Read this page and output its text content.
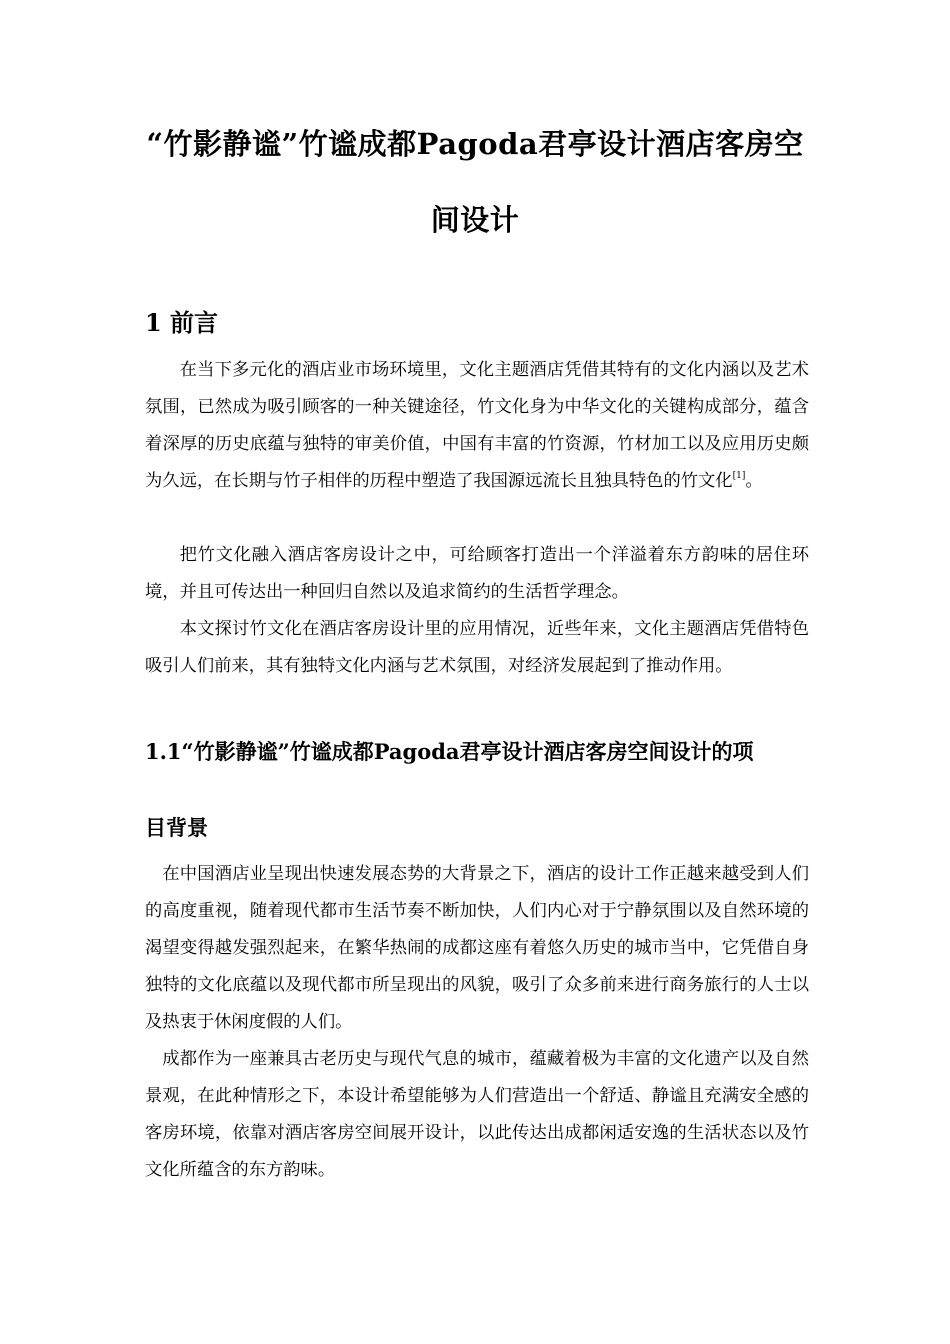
“竹影静谧”竹谧成都Pagoda君亭设计酒店客房空
间设计
1 前言

在当下多元化的酒店业市场环境里，文化主题酒店凭借其特有的文化内涵以及艺术氛围，已然成为吸引顾客的一种关键途径，竹文化身为中华文化的关键构成部分，蕴含着深厚的历史底蕴与独特的审美价值，中国有丰富的竹资源，竹材加工以及应用历史颇为久远，在长期与竹子相伴的历程中塑造了我国源远流长且独具特色的竹文化[1]。

把竹文化融入酒店客房设计之中，可给顾客打造出一个洋溢着东方韵味的居住环境，并且可传达出一种回归自然以及追求简约的生活哲学理念。

本文探讨竹文化在酒店客房设计里的应用情况，近些年来，文化主题酒店凭借特色吸引人们前来，其有独特文化内涵与艺术氛围，对经济发展起到了推动作用。

1.1“竹影静谧”竹谧成都Pagoda君亭设计酒店客房空间设计的项
目背景

在中国酒店业呈现出快速发展态势的大背景之下，酒店的设计工作正越来越受到人们的高度重视，随着现代都市生活节奏不断加快，人们内心对于宁静氛围以及自然环境的渴望变得越发强烈起来，在繁华热闹的成都这座有着悠久历史的城市当中，它凭借自身独特的文化底蕴以及现代都市所呈现出的风貌，吸引了众多前来进行商务旅行的人士以及热衷于休闲度假的人们。

成都作为一座兼具古老历史与现代气息的城市，蕴藏着极为丰富的文化遗产以及自然景观，在此种情形之下，本设计希望能够为人们营造出一个舒适、静谧且充满安全感的客房环境，依靠对酒店客房空间展开设计，以此传达出成都闲适安逸的生活状态以及竹文化所蕴含的东方韵味。
